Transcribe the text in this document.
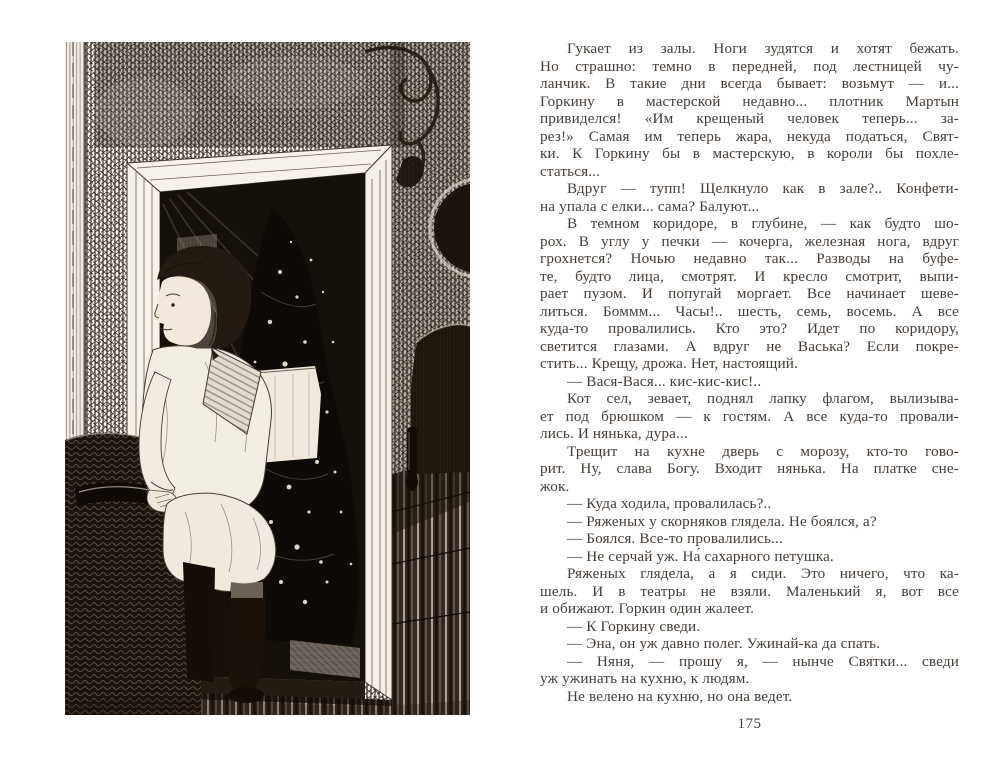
Гукает из залы. Ноги зудятся и хотят бежать.
Но страшно: темно в передней, под лестницей чу-
ланчик. В такие дни всегда бывает: возьмут — и...
Горкину в мастерской недавно... плотник Мартын
привиделся! «Им крещеный человек теперь... за-
рез!» Самая им теперь жара, некуда податься, Свят-
ки. К Горкину бы в мастерскую, в короли бы похле-
статься...
Вдруг — тупп! Щелкнуло как в зале?.. Конфети-
на упала с елки... сама? Балуют...
В темном коридоре, в глубине, — как будто шо-
рох. В углу у печки — кочерга, железная нога, вдруг
грохнется? Ночью недавно так... Разводы на буфе-
те, будто лица, смотрят. И кресло смотрит, выпи-
рает пузом. И попугай моргает. Все начинает шеве-
литься. Боммм... Часы!.. шесть, семь, восемь. А все
куда-то провалились. Кто это? Идет по коридору,
светится глазами. А вдруг не Васька? Если покре-
стить... Крещу, дрожа. Нет, настоящий.
— Вася-Вася... кис-кис-кис!..
Кот сел, зевает, поднял лапку флагом, вылизыва-
ет под брюшком — к гостям. А все куда-то провали-
лись. И нянька, дура...
Трещит на кухне дверь с морозу, кто-то гово-
рит. Ну, слава Богу. Входит нянька. На платке сне-
жок.
— Куда ходила, провалилась?..
— Ряженых у скорняков глядела. Не боялся, а?
— Боялся. Все-то провалились...
— Не серчай уж. На́ сахарного петушка.
Ряженых глядела, а я сиди. Это ничего, что ка-
шель. И в театры не взяли. Маленький я, вот все
и обижают. Горкин один жалеет.
— К Горкину сведи.
— Эна, он уж давно полег. Ужинай-ка да спать.
— Няня, — прошу я, — нынче Святки... сведи
уж ужинать на кухню, к людям.
Не велено на кухню, но она ведет.
175
